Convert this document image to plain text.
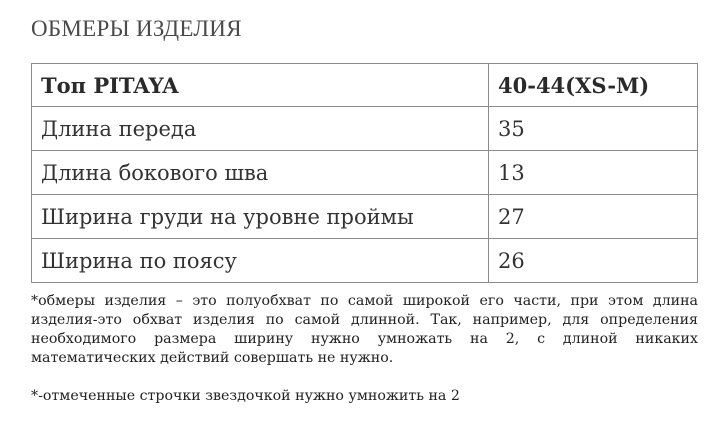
ОБМЕРЫ ИЗДЕЛИЯ
Топ PITAYA	40-44(XS-M)
Длина переда	35
Длина бокового шва	13
Ширина груди на уровне проймы	27
Ширина по поясу	26
*обмеры изделия – это полуобхват по самой широкой его части, при этом длина изделия-это обхват изделия по самой длинной. Так, например, для определения необходимого размера ширину нужно умножать на 2, с длиной никаких математических действий совершать не нужно.
*-отмеченные строчки звездочкой нужно умножить на 2
